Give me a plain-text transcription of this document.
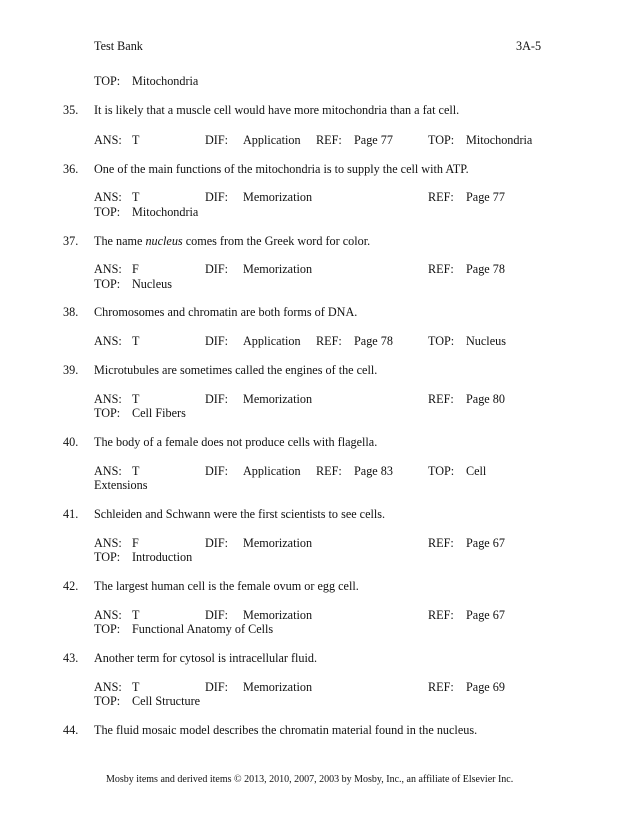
Test Bank	3A-5
TOP: Mitochondria
35. It is likely that a muscle cell would have more mitochondria than a fat cell.
ANS: T	DIF: Application REF: Page 77	TOP: Mitochondria
36. One of the main functions of the mitochondria is to supply the cell with ATP.
ANS: T	DIF: Memorization	REF: Page 77
TOP: Mitochondria
37. The name nucleus comes from the Greek word for color.
ANS: F	DIF: Memorization	REF: Page 78
TOP: Nucleus
38. Chromosomes and chromatin are both forms of DNA.
ANS: T	DIF: Application REF: Page 78	TOP: Nucleus
39. Microtubules are sometimes called the engines of the cell.
ANS: T	DIF: Memorization	REF: Page 80
TOP: Cell Fibers
40. The body of a female does not produce cells with flagella.
ANS: T	DIF: Application REF: Page 83	TOP: Cell
Extensions
41. Schleiden and Schwann were the first scientists to see cells.
ANS: F	DIF: Memorization	REF: Page 67
TOP: Introduction
42. The largest human cell is the female ovum or egg cell.
ANS: T	DIF: Memorization	REF: Page 67
TOP: Functional Anatomy of Cells
43. Another term for cytosol is intracellular fluid.
ANS: T	DIF: Memorization	REF: Page 69
TOP: Cell Structure
44. The fluid mosaic model describes the chromatin material found in the nucleus.
Mosby items and derived items © 2013, 2010, 2007, 2003 by Mosby, Inc., an affiliate of Elsevier Inc.
